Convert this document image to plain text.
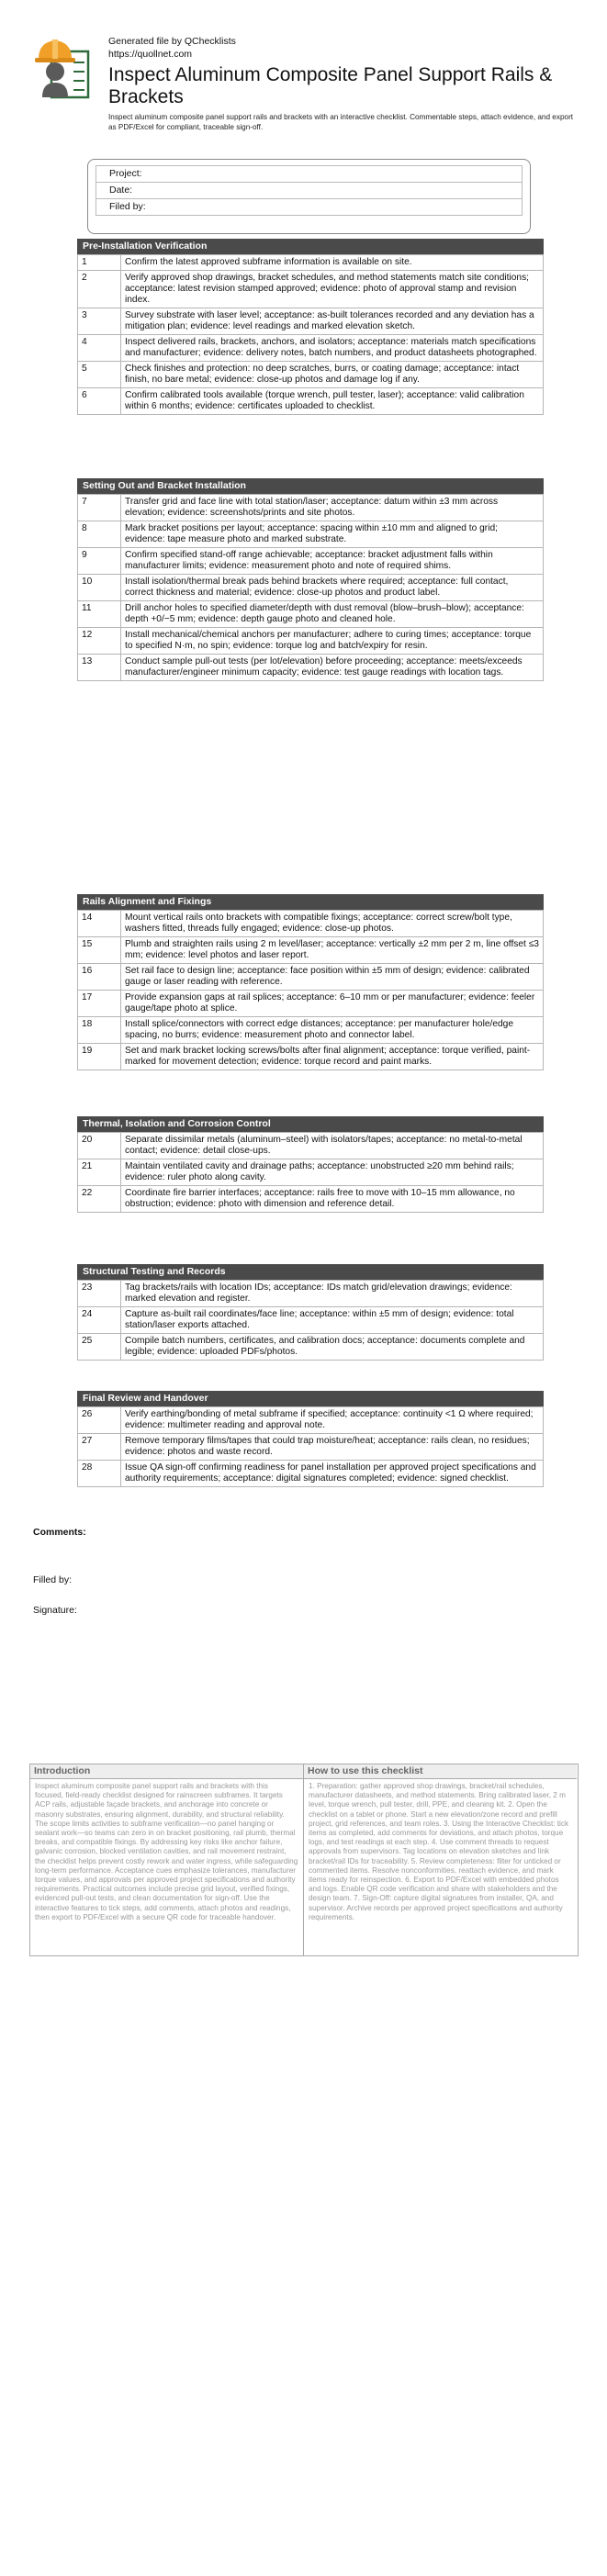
Generated file by QChecklists
https://quollnet.com
Inspect Aluminum Composite Panel Support Rails & Brackets
Inspect aluminum composite panel support rails and brackets with an interactive checklist. Commentable steps, attach evidence, and export as PDF/Excel for compliant, traceable sign-off.
Project:
Date:
Filed by:
Pre-Installation Verification
1	Confirm the latest approved subframe information is available on site.
2	Verify approved shop drawings, bracket schedules, and method statements match site conditions; acceptance: latest revision stamped approved; evidence: photo of approval stamp and revision index.
3	Survey substrate with laser level; acceptance: as-built tolerances recorded and any deviation has a mitigation plan; evidence: level readings and marked elevation sketch.
4	Inspect delivered rails, brackets, anchors, and isolators; acceptance: materials match specifications and manufacturer; evidence: delivery notes, batch numbers, and product datasheets photographed.
5	Check finishes and protection: no deep scratches, burrs, or coating damage; acceptance: intact finish, no bare metal; evidence: close-up photos and damage log if any.
6	Confirm calibrated tools available (torque wrench, pull tester, laser); acceptance: valid calibration within 6 months; evidence: certificates uploaded to checklist.
Setting Out and Bracket Installation
7	Transfer grid and face line with total station/laser; acceptance: datum within ±3 mm across elevation; evidence: screenshots/prints and site photos.
8	Mark bracket positions per layout; acceptance: spacing within ±10 mm and aligned to grid; evidence: tape measure photo and marked substrate.
9	Confirm specified stand-off range achievable; acceptance: bracket adjustment falls within manufacturer limits; evidence: measurement photo and note of required shims.
10	Install isolation/thermal break pads behind brackets where required; acceptance: full contact, correct thickness and material; evidence: close-up photos and product label.
11	Drill anchor holes to specified diameter/depth with dust removal (blow–brush–blow); acceptance: depth +0/−5 mm; evidence: depth gauge photo and cleaned hole.
12	Install mechanical/chemical anchors per manufacturer; adhere to curing times; acceptance: torque to specified N·m, no spin; evidence: torque log and batch/expiry for resin.
13	Conduct sample pull-out tests (per lot/elevation) before proceeding; acceptance: meets/exceeds manufacturer/engineer minimum capacity; evidence: test gauge readings with location tags.
Rails Alignment and Fixings
14	Mount vertical rails onto brackets with compatible fixings; acceptance: correct screw/bolt type, washers fitted, threads fully engaged; evidence: close-up photos.
15	Plumb and straighten rails using 2 m level/laser; acceptance: vertically ±2 mm per 2 m, line offset ≤3 mm; evidence: level photos and laser report.
16	Set rail face to design line; acceptance: face position within ±5 mm of design; evidence: calibrated gauge or laser reading with reference.
17	Provide expansion gaps at rail splices; acceptance: 6–10 mm or per manufacturer; evidence: feeler gauge/tape photo at splice.
18	Install splice/connectors with correct edge distances; acceptance: per manufacturer hole/edge spacing, no burrs; evidence: measurement photo and connector label.
19	Set and mark bracket locking screws/bolts after final alignment; acceptance: torque verified, paint-marked for movement detection; evidence: torque record and paint marks.
Thermal, Isolation and Corrosion Control
20	Separate dissimilar metals (aluminum–steel) with isolators/tapes; acceptance: no metal-to-metal contact; evidence: detail close-ups.
21	Maintain ventilated cavity and drainage paths; acceptance: unobstructed ≥20 mm behind rails; evidence: ruler photo along cavity.
22	Coordinate fire barrier interfaces; acceptance: rails free to move with 10–15 mm allowance, no obstruction; evidence: photo with dimension and reference detail.
Structural Testing and Records
23	Tag brackets/rails with location IDs; acceptance: IDs match grid/elevation drawings; evidence: marked elevation and register.
24	Capture as-built rail coordinates/face line; acceptance: within ±5 mm of design; evidence: total station/laser exports attached.
25	Compile batch numbers, certificates, and calibration docs; acceptance: documents complete and legible; evidence: uploaded PDFs/photos.
Final Review and Handover
26	Verify earthing/bonding of metal subframe if specified; acceptance: continuity <1 Ω where required; evidence: multimeter reading and approval note.
27	Remove temporary films/tapes that could trap moisture/heat; acceptance: rails clean, no residues; evidence: photos and waste record.
28	Issue QA sign-off confirming readiness for panel installation per approved project specifications and authority requirements; acceptance: digital signatures completed; evidence: signed checklist.
Comments:
Filled by:
Signature:
Introduction
Inspect aluminum composite panel support rails and brackets with this focused, field-ready checklist designed for rainscreen subframes. It targets ACP rails, adjustable façade brackets, and anchorage into concrete or masonry substrates, ensuring alignment, durability, and structural reliability. The scope limits activities to subframe verification—no panel hanging or sealant work—so teams can zero in on bracket positioning, rail plumb, thermal breaks, and compatible fixings. By addressing key risks like anchor failure, galvanic corrosion, blocked ventilation cavities, and rail movement restraint, the checklist helps prevent costly rework and water ingress, while safeguarding long-term performance. Acceptance cues emphasize tolerances, manufacturer torque values, and approvals per approved project specifications and authority requirements. Practical outcomes include precise grid layout, verified fixings, evidenced pull-out tests, and clean documentation for sign-off. Use the interactive features to tick steps, add comments, attach photos and readings, then export to PDF/Excel with a secure QR code for traceable handover.
How to use this checklist
1. Preparation: gather approved shop drawings, bracket/rail schedules, manufacturer datasheets, and method statements. Bring calibrated laser, 2 m level, torque wrench, pull tester, drill, PPE, and cleaning kit. 2. Open the checklist on a tablet or phone. Start a new elevation/zone record and prefill project, grid references, and team roles. 3. Using the Interactive Checklist: tick items as completed, add comments for deviations, and attach photos, torque logs, and test readings at each step. 4. Use comment threads to request approvals from supervisors. Tag locations on elevation sketches and link bracket/rail IDs for traceability. 5. Review completeness: filter for unticked or commented items. Resolve nonconformities, reattach evidence, and mark items ready for reinspection. 6. Export to PDF/Excel with embedded photos and logs. Enable QR code verification and share with stakeholders and the design team. 7. Sign-Off: capture digital signatures from installer, QA, and supervisor. Archive records per approved project specifications and authority requirements.
